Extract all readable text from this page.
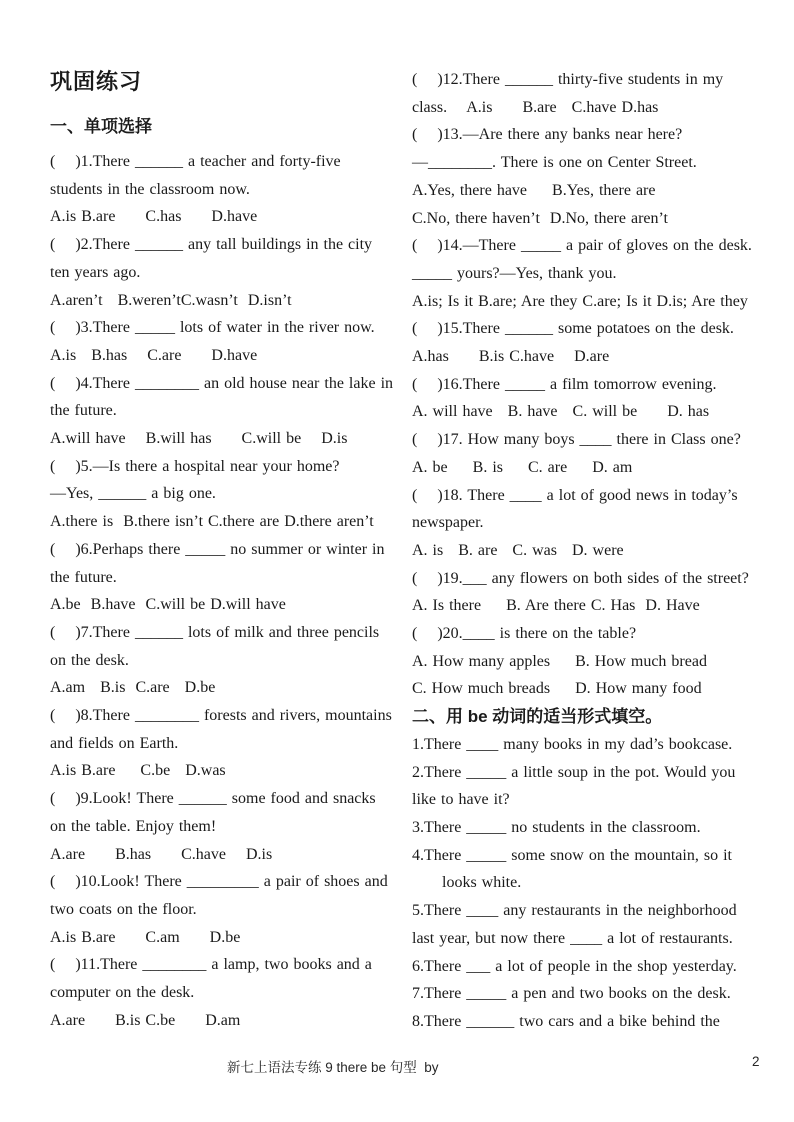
巩固练习
一、单项选择
(    )1.There ______ a teacher and forty-five
students in the classroom now.
A.is B.are      C.has      D.have
(    )2.There ______ any tall buildings in the city
ten years ago.
A.aren’t   B.weren’tC.wasn’t  D.isn’t
(    )3.There _____ lots of water in the river now.
A.is   B.has    C.are      D.have
(    )4.There ________ an old house near the lake in
the future.
A.will have    B.will has      C.will be    D.is
(    )5.—Is there a hospital near your home?
—Yes, ______ a big one.
A.there is  B.there isn’t C.there are D.there aren’t
(    )6.Perhaps there _____ no summer or winter in
the future.
A.be  B.have  C.will be D.will have
(    )7.There ______ lots of milk and three pencils
on the desk.
A.am   B.is  C.are   D.be
(    )8.There ________ forests and rivers, mountains
and fields on Earth.
A.is B.are     C.be   D.was
(    )9.Look! There ______ some food and snacks
on the table. Enjoy them!
A.are      B.has      C.have    D.is
(    )10.Look! There _________ a pair of shoes and
two coats on the floor.
A.is B.are      C.am      D.be
(    )11.There ________ a lamp, two books and a
computer on the desk.
A.are      B.is C.be      D.am
(    )12.There ______ thirty-five students in my
class.    A.is      B.are   C.have D.has
(    )13.—Are there any banks near here?
—________. There is one on Center Street.
A.Yes, there have     B.Yes, there are
C.No, there haven’t  D.No, there aren’t
(    )14.—There _____ a pair of gloves on the desk.
_____ yours?—Yes, thank you.
A.is; Is it B.are; Are they C.are; Is it D.is; Are they
(    )15.There ______ some potatoes on the desk.
A.has      B.is C.have    D.are
(    )16.There _____ a film tomorrow evening.
A. will have   B. have   C. will be      D. has
(    )17. How many boys ____ there in Class one?
A. be     B. is     C. are     D. am
(    )18. There ____ a lot of good news in today’s
newspaper.
A. is   B. are   C. was   D. were
(    )19.___ any flowers on both sides of the street?
A. Is there     B. Are there C. Has  D. Have
(    )20.____ is there on the table?
A. How many apples     B. How much bread
C. How much breads     D. How many food
二、用 be 动词的适当形式填空。
1.There ____ many books in my dad’s bookcase.
2.There _____ a little soup in the pot. Would you
like to have it?
3.There _____ no students in the classroom.
4.There _____ some snow on the mountain, so it
looks white.
5.There ____ any restaurants in the neighborhood
last year, but now there ____ a lot of restaurants.
6.There ___ a lot of people in the shop yesterday.
7.There _____ a pen and two books on the desk.
8.There ______ two cars and a bike behind the
新七上语法专练 9 there be 句型  by	2
